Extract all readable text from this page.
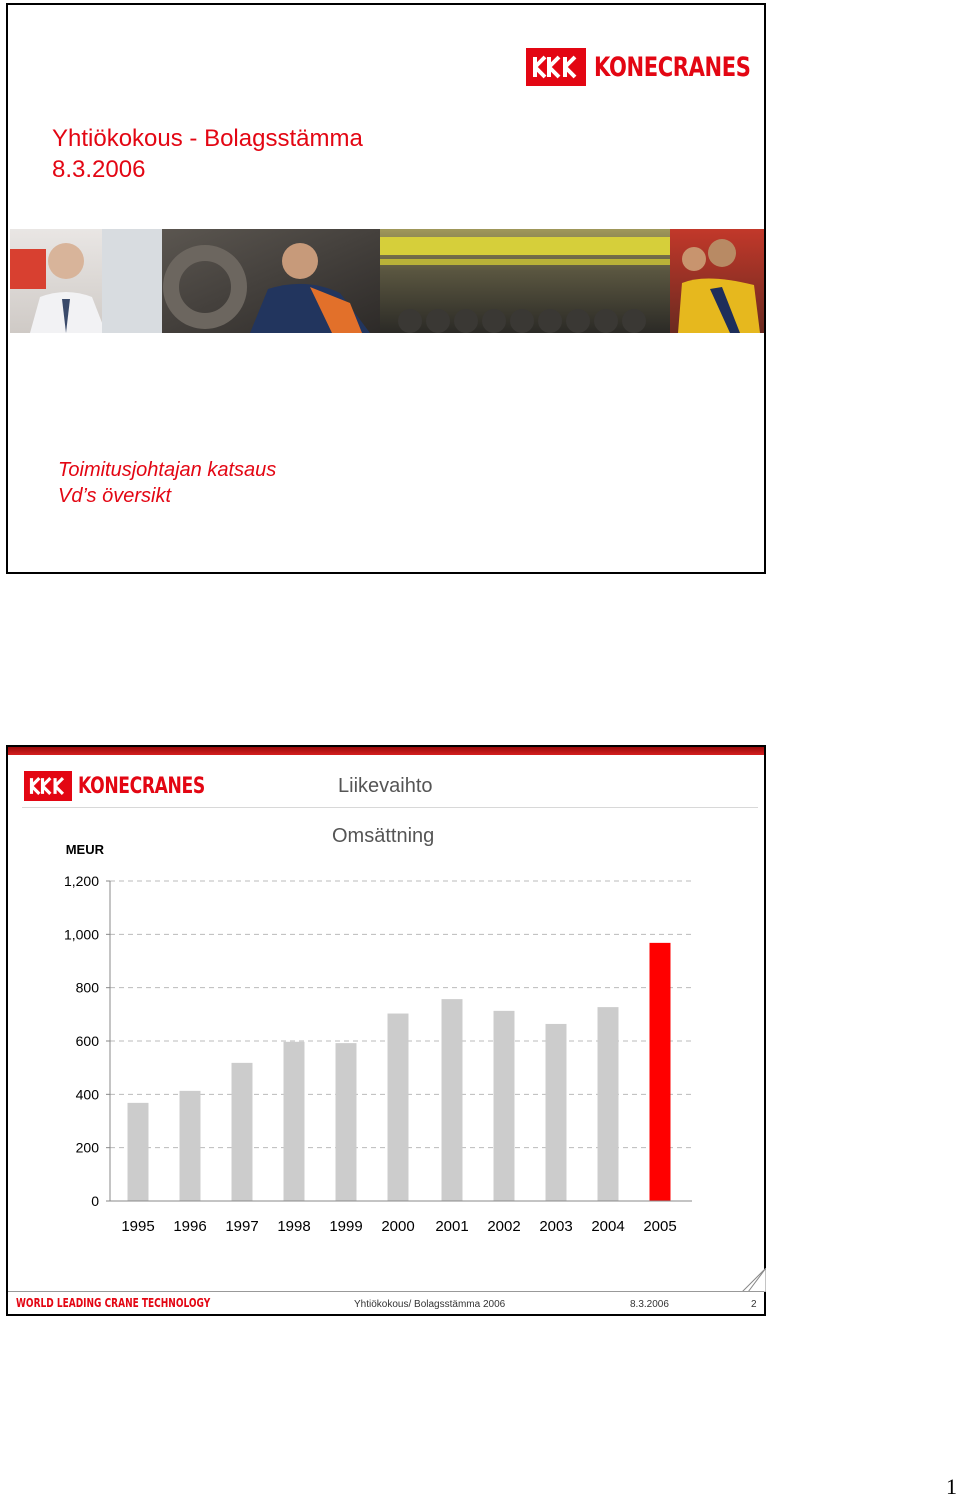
KONECRANES
Yhtiökokous - Bolagsstämma
8.3.2006
Toimitusjohtajan katsaus
Vd’s översikt
KONECRANES	Liikevaihto
Omsättning
MEUR
0
200
400
600
800
1,000
1,200
1995 1996 1997 1998 1999 2000 2001 2002 2003 2004 2005
WORLD LEADING CRANE TECHNOLOGY	Yhtiökokous/ Bolagsstämma 2006	8.3.2006	2
1
